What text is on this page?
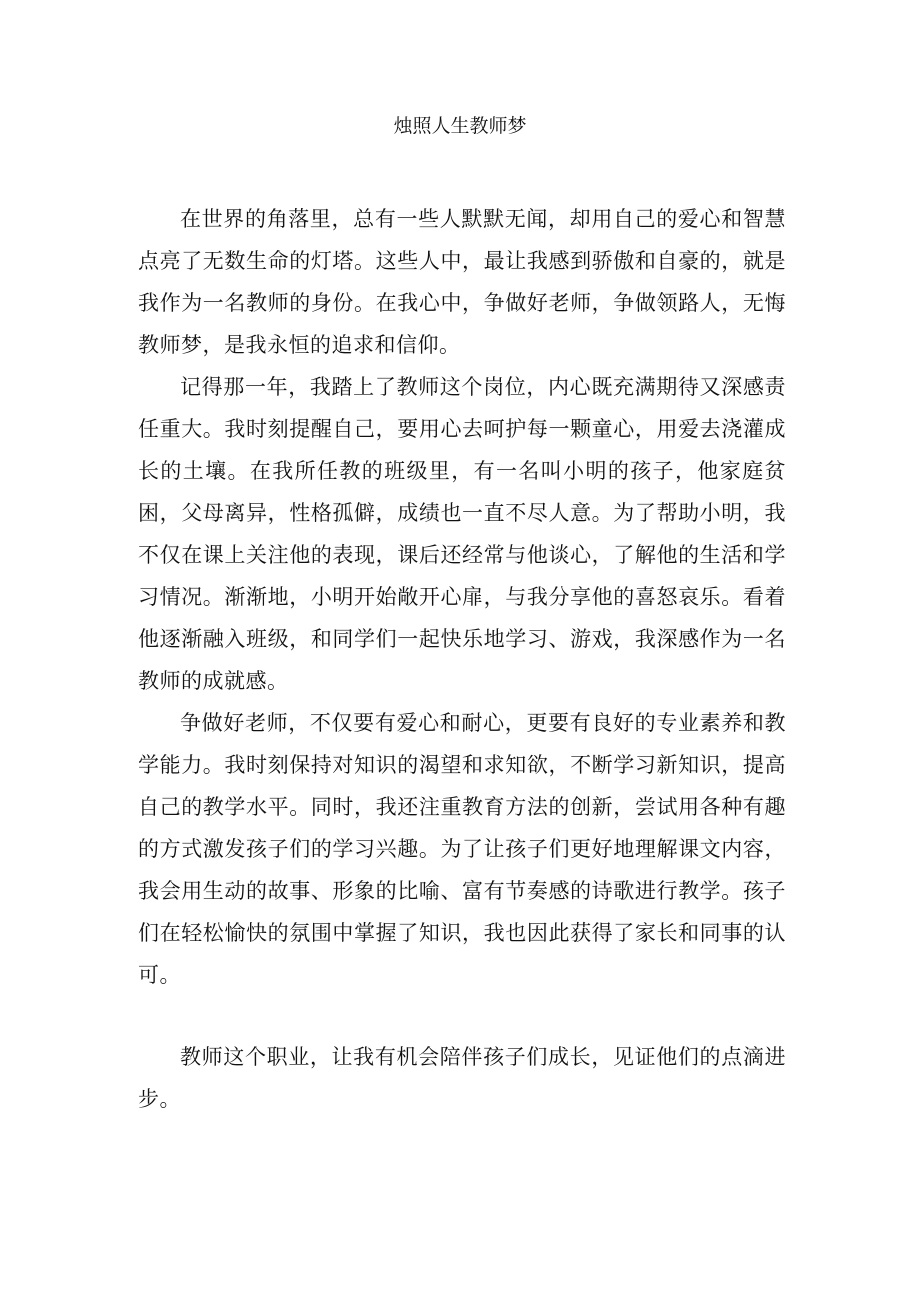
烛照人生教师梦

在世界的角落里，总有一些人默默无闻，却用自己的爱心和智慧点亮了无数生命的灯塔。这些人中，最让我感到骄傲和自豪的，就是我作为一名教师的身份。在我心中，争做好老师，争做领路人，无悔教师梦，是我永恒的追求和信仰。

记得那一年，我踏上了教师这个岗位，内心既充满期待又深感责任重大。我时刻提醒自己，要用心去呵护每一颗童心，用爱去浇灌成长的土壤。在我所任教的班级里，有一名叫小明的孩子，他家庭贫困，父母离异，性格孤僻，成绩也一直不尽人意。为了帮助小明，我不仅在课上关注他的表现，课后还经常与他谈心，了解他的生活和学习情况。渐渐地，小明开始敞开心扉，与我分享他的喜怒哀乐。看着他逐渐融入班级，和同学们一起快乐地学习、游戏，我深感作为一名教师的成就感。

争做好老师，不仅要有爱心和耐心，更要有良好的专业素养和教学能力。我时刻保持对知识的渴望和求知欲，不断学习新知识，提高自己的教学水平。同时，我还注重教育方法的创新，尝试用各种有趣的方式激发孩子们的学习兴趣。为了让孩子们更好地理解课文内容，我会用生动的故事、形象的比喻、富有节奏感的诗歌进行教学。孩子们在轻松愉快的氛围中掌握了知识，我也因此获得了家长和同事的认可。

教师这个职业，让我有机会陪伴孩子们成长，见证他们的点滴进步。
